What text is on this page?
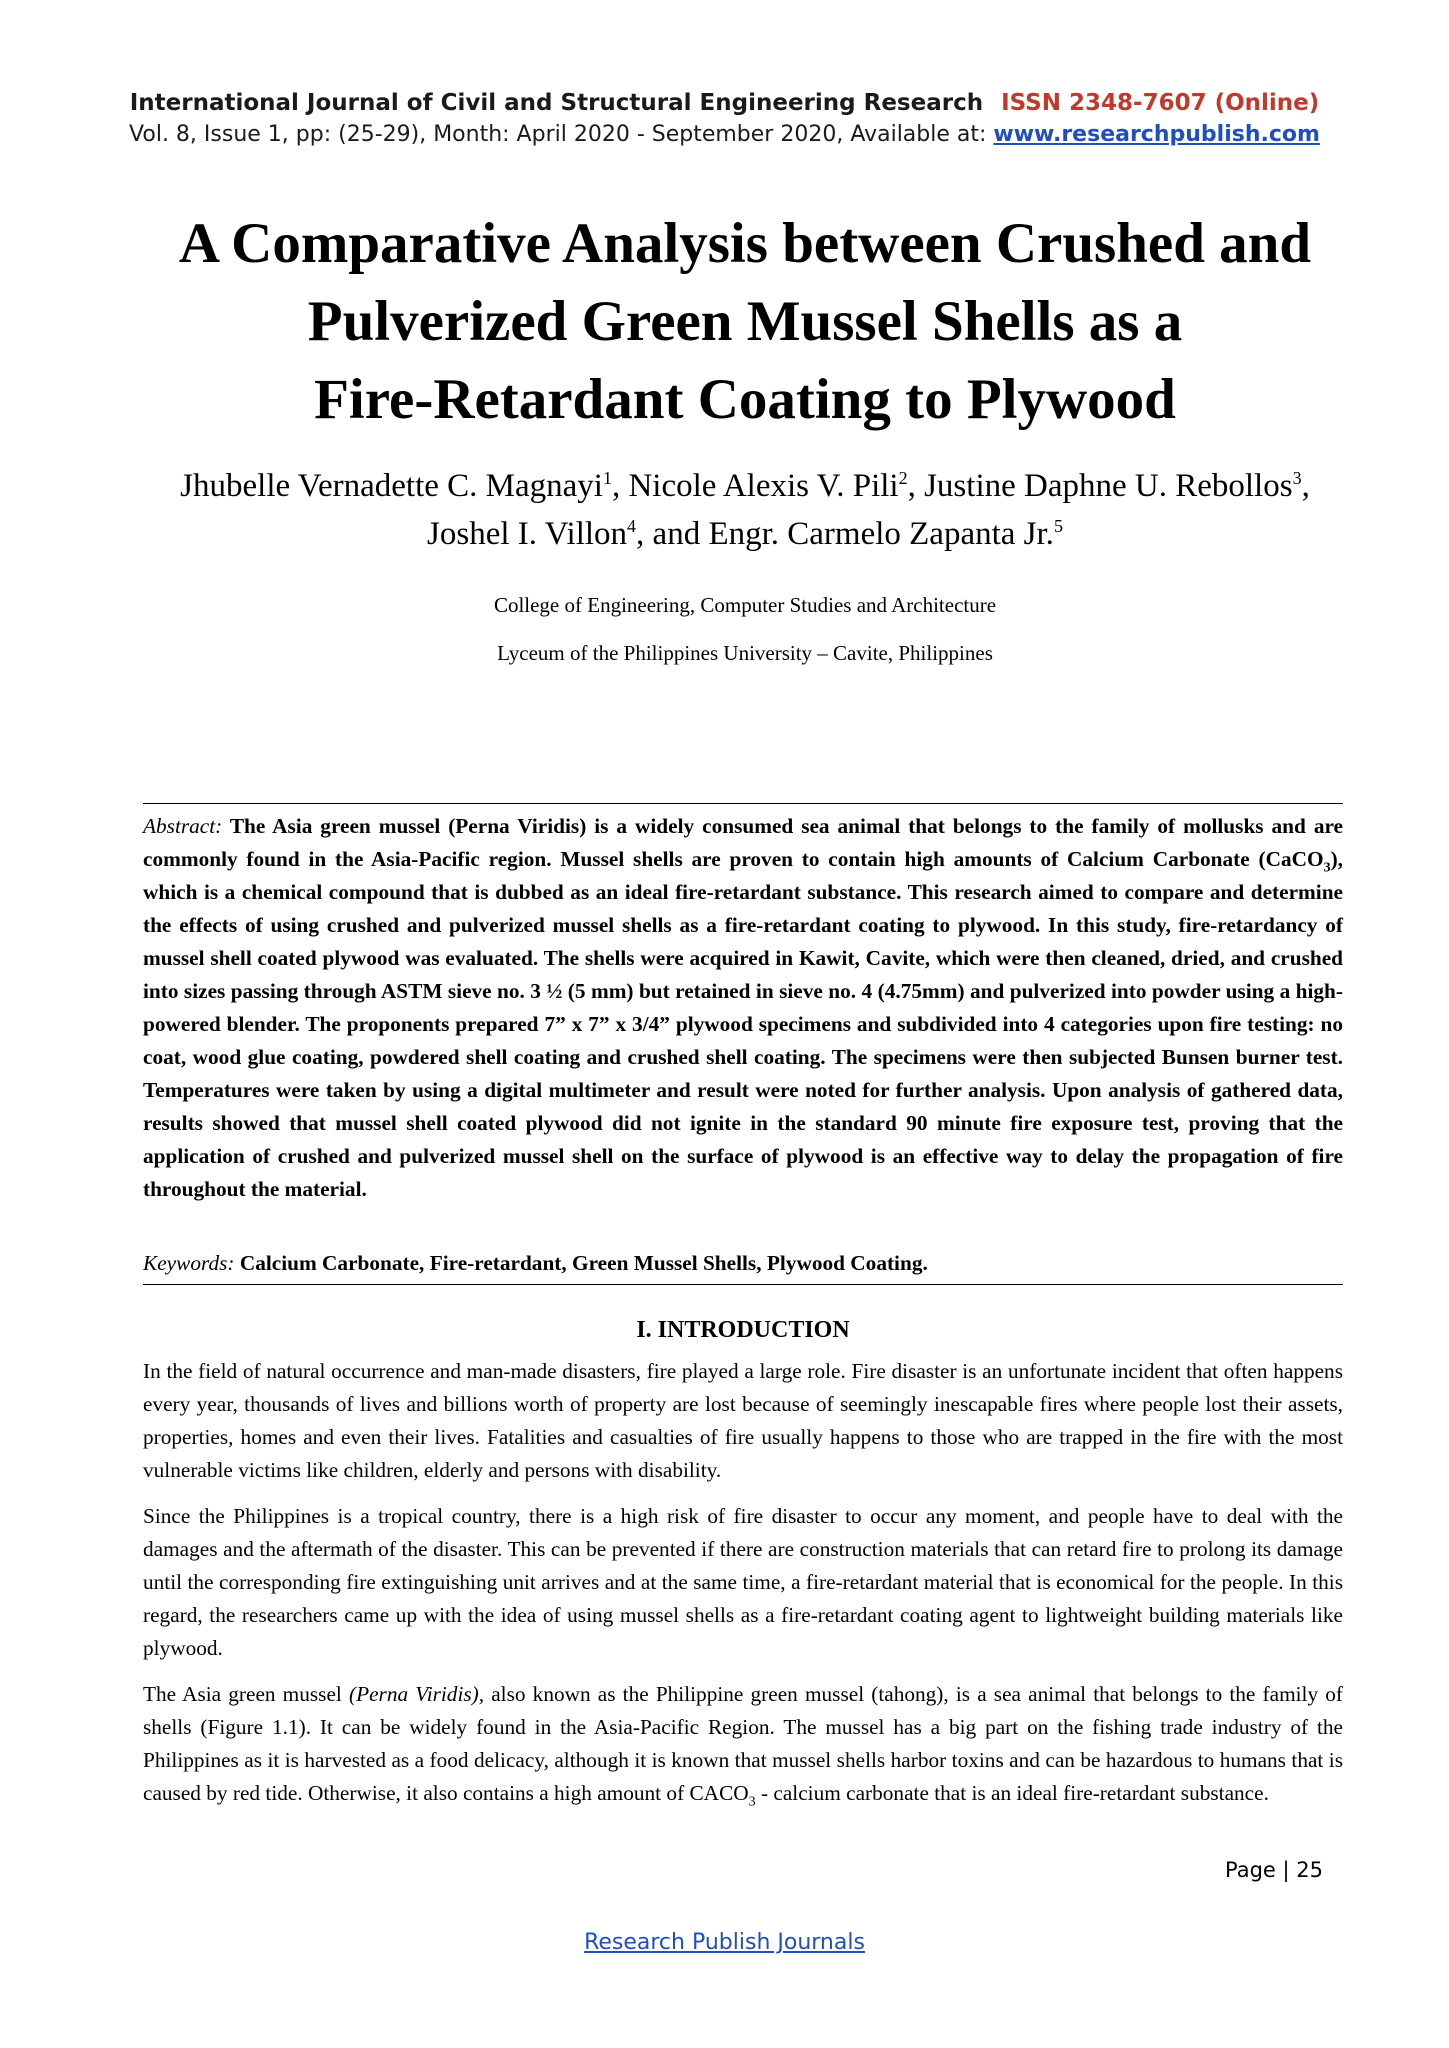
International Journal of Civil and Structural Engineering Research ISSN 2348-7607 (Online)
Vol. 8, Issue 1, pp: (25-29), Month: April 2020 - September 2020, Available at: www.researchpublish.com
A Comparative Analysis between Crushed and
Pulverized Green Mussel Shells as a
Fire-Retardant Coating to Plywood
Jhubelle Vernadette C. Magnayi$^1$, Nicole Alexis V. Pili$^2$, Justine Daphne U. Rebollos$^3$,
Joshel I. Villon$^4$, and Engr. Carmelo Zapanta Jr.$^5$
College of Engineering, Computer Studies and Architecture
Lyceum of the Philippines University – Cavite, Philippines
Abstract: The Asia green mussel (Perna Viridis) is a widely consumed sea animal that belongs to the family of mollusks and are commonly found in the Asia-Pacific region. Mussel shells are proven to contain high amounts of Calcium Carbonate (CaCO$_3$), which is a chemical compound that is dubbed as an ideal fire-retardant substance. This research aimed to compare and determine the effects of using crushed and pulverized mussel shells as a fire-retardant coating to plywood. In this study, fire-retardancy of mussel shell coated plywood was evaluated. The shells were acquired in Kawit, Cavite, which were then cleaned, dried, and crushed into sizes passing through ASTM sieve no. 3 ½ (5 mm) but retained in sieve no. 4 (4.75mm) and pulverized into powder using a high-powered blender. The proponents prepared 7” x 7” x 3/4” plywood specimens and subdivided into 4 categories upon fire testing: no coat, wood glue coating, powdered shell coating and crushed shell coating. The specimens were then subjected Bunsen burner test. Temperatures were taken by using a digital multimeter and result were noted for further analysis. Upon analysis of gathered data, results showed that mussel shell coated plywood did not ignite in the standard 90 minute fire exposure test, proving that the application of crushed and pulverized mussel shell on the surface of plywood is an effective way to delay the propagation of fire throughout the material.
Keywords: Calcium Carbonate, Fire-retardant, Green Mussel Shells, Plywood Coating.
I. INTRODUCTION

In the field of natural occurrence and man-made disasters, fire played a large role. Fire disaster is an unfortunate incident that often happens every year, thousands of lives and billions worth of property are lost because of seemingly inescapable fires where people lost their assets, properties, homes and even their lives. Fatalities and casualties of fire usually happens to those who are trapped in the fire with the most vulnerable victims like children, elderly and persons with disability.

Since the Philippines is a tropical country, there is a high risk of fire disaster to occur any moment, and people have to deal with the damages and the aftermath of the disaster. This can be prevented if there are construction materials that can retard fire to prolong its damage until the corresponding fire extinguishing unit arrives and at the same time, a fire-retardant material that is economical for the people. In this regard, the researchers came up with the idea of using mussel shells as a fire-retardant coating agent to lightweight building materials like plywood.

The Asia green mussel (Perna Viridis), also known as the Philippine green mussel (tahong), is a sea animal that belongs to the family of shells (Figure 1.1). It can be widely found in the Asia-Pacific Region. The mussel has a big part on the fishing trade industry of the Philippines as it is harvested as a food delicacy, although it is known that mussel shells harbor toxins and can be hazardous to humans that is caused by red tide. Otherwise, it also contains a high amount of $CACO_3$ - calcium carbonate that is an ideal fire-retardant substance.

Page | 25
Research Publish Journals
